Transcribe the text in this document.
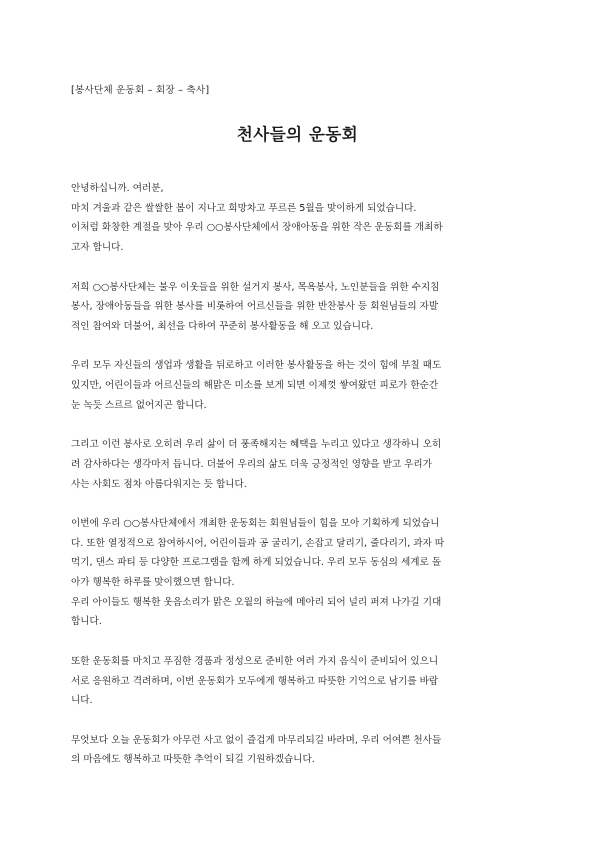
[봉사단체 운동회 – 회장 – 축사]

천사들의 운동회

안녕하십니까. 여러분,
마치 겨울과 같은 쌀쌀한 봄이 지나고 희망차고 푸르른 5월을 맞이하게 되었습니다.
이처럼 화창한 계절을 맞아 우리 ○○봉사단체에서 장애아동을 위한 작은 운동회를 개최하
고자 합니다.

저희 ○○봉사단체는 불우 이웃들을 위한 설거지 봉사, 목욕봉사, 노인분들을 위한 수지침
봉사, 장애아동들을 위한 봉사를 비롯하여 어르신들을 위한 반찬봉사 등 회원님들의 자발
적인 참여와 더불어, 최선을 다하여 꾸준히 봉사활동을 해 오고 있습니다.

우리 모두 자신들의 생업과 생활을 뒤로하고 이러한 봉사활동을 하는 것이 힘에 부칠 때도
있지만, 어린이들과 어르신들의 해맑은 미소를 보게 되면 이제껏 쌓여왔던 피로가 한순간
눈 녹듯 스르르 없어지곤 합니다.

그리고 이런 봉사로 오히려 우리 삶이 더 풍족해지는 혜택을 누리고 있다고 생각하니 오히
려 감사하다는 생각마저 듭니다. 더불어 우리의 삶도 더욱 긍정적인 영향을 받고 우리가
사는 사회도 점차 아름다워지는 듯 합니다.

이번에 우리 ○○봉사단체에서 개최한 운동회는 회원님들이 힘을 모아 기획하게 되었습니
다. 또한 열정적으로 참여하시어, 어린이들과 공 굴리기, 손잡고 달리기, 줄다리기, 과자 따
먹기, 댄스 파티 등 다양한 프로그램을 함께 하게 되었습니다. 우리 모두 동심의 세계로 돌
아가 행복한 하루를 맞이했으면 합니다.
우리 아이들도 행복한 웃음소리가 맑은 오월의 하늘에 메아리 되어 널리 퍼져 나가길 기대
합니다.

또한 운동회를 마치고 푸짐한 경품과 정성으로 준비한 여러 가지 음식이 준비되어 있으니
서로 응원하고 격려하며, 이번 운동회가 모두에게 행복하고 따뜻한 기억으로 남기를 바랍
니다.

무엇보다 오늘 운동회가 아무런 사고 없이 즐겁게 마무리되길 바라며, 우리 어여쁜 천사들
의 마음에도 행복하고 따뜻한 추억이 되길 기원하겠습니다.
